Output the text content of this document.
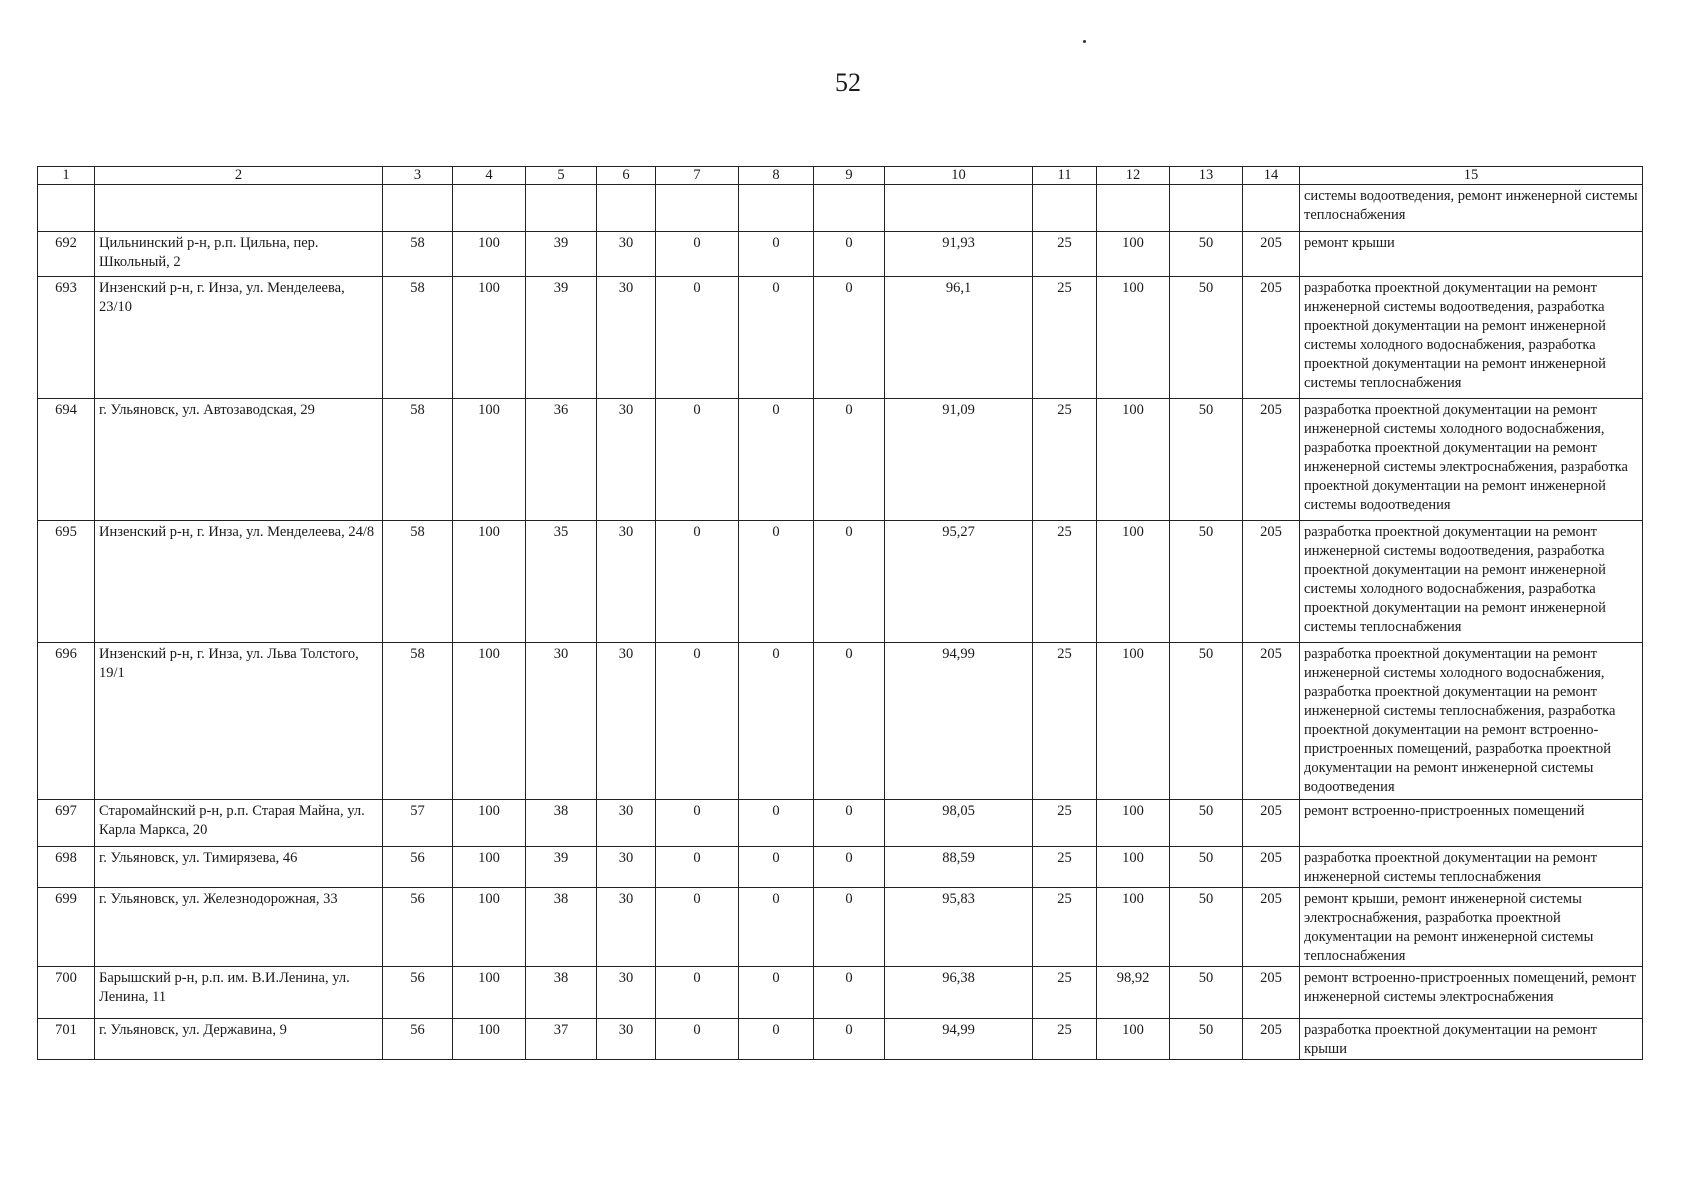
52
1	2	3	4	5	6	7	8	9	10	11	12	13	14	15
														системы водоотведения, ремонт инженерной системы теплоснабжения
692	Цильнинский р-н, р.п. Цильна, пер. Школьный, 2	58	100	39	30	0	0	0	91,93	25	100	50	205	ремонт крыши
693	Инзенский р-н, г. Инза, ул. Менделеева, 23/10	58	100	39	30	0	0	0	96,1	25	100	50	205	разработка проектной документации на ремонт инженерной системы водоотведения, разработка проектной документации на ремонт инженерной системы холодного водоснабжения, разработка проектной документации на ремонт инженерной системы теплоснабжения
694	г. Ульяновск, ул. Автозаводская, 29	58	100	36	30	0	0	0	91,09	25	100	50	205	разработка проектной документации на ремонт инженерной системы холодного водоснабжения, разработка проектной документации на ремонт инженерной системы электроснабжения, разработка проектной документации на ремонт инженерной системы водоотведения
695	Инзенский р-н, г. Инза, ул. Менделеева, 24/8	58	100	35	30	0	0	0	95,27	25	100	50	205	разработка проектной документации на ремонт инженерной системы водоотведения, разработка проектной документации на ремонт инженерной системы холодного водоснабжения, разработка проектной документации на ремонт инженерной системы теплоснабжения
696	Инзенский р-н, г. Инза, ул. Льва Толстого, 19/1	58	100	30	30	0	0	0	94,99	25	100	50	205	разработка проектной документации на ремонт инженерной системы холодного водоснабжения, разработка проектной документации на ремонт инженерной системы теплоснабжения, разработка проектной документации на ремонт встроенно-пристроенных помещений, разработка проектной документации на ремонт инженерной системы водоотведения
697	Старомайнский р-н, р.п. Старая Майна, ул. Карла Маркса, 20	57	100	38	30	0	0	0	98,05	25	100	50	205	ремонт встроенно-пристроенных помещений
698	г. Ульяновск, ул. Тимирязева, 46	56	100	39	30	0	0	0	88,59	25	100	50	205	разработка проектной документации на ремонт инженерной системы теплоснабжения
699	г. Ульяновск, ул. Железнодорожная, 33	56	100	38	30	0	0	0	95,83	25	100	50	205	ремонт крыши, ремонт инженерной системы электроснабжения, разработка проектной документации на ремонт инженерной системы теплоснабжения
700	Барышский р-н, р.п. им. В.И.Ленина, ул. Ленина, 11	56	100	38	30	0	0	0	96,38	25	98,92	50	205	ремонт встроенно-пристроенных помещений, ремонт инженерной системы электроснабжения
701	г. Ульяновск, ул. Державина, 9	56	100	37	30	0	0	0	94,99	25	100	50	205	разработка проектной документации на ремонт крыши
